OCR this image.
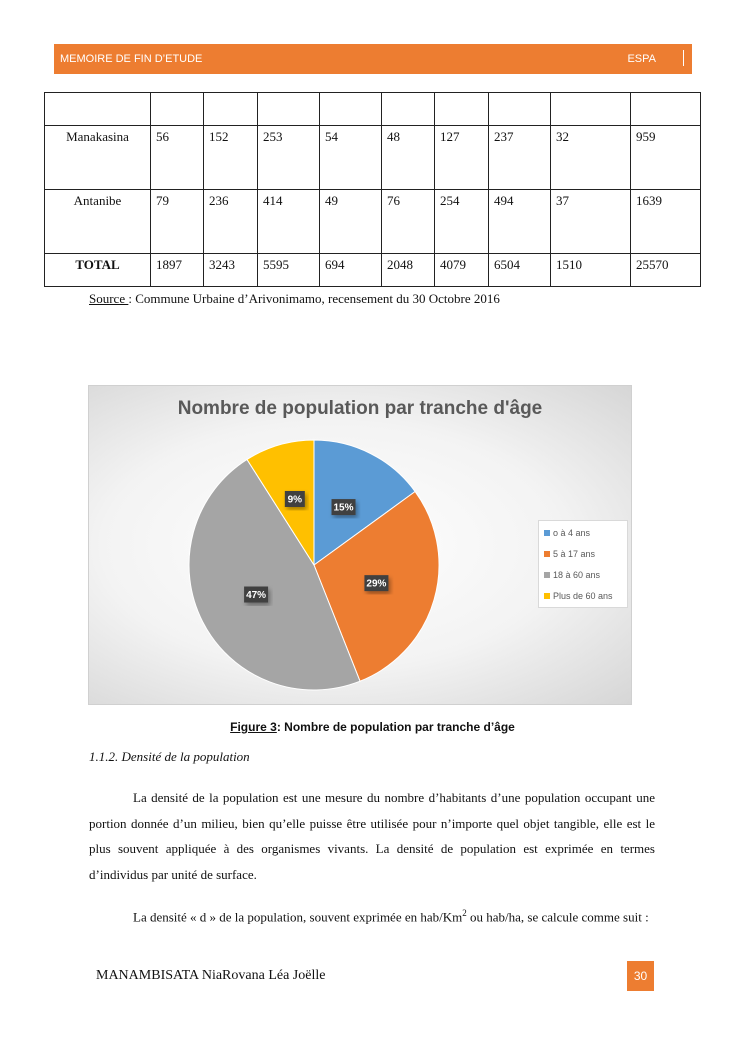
MEMOIRE DE FIN D’ETUDE	ESPA

Manakasina	56	152	253	54	48	127	237	32	959
Antanibe	79	236	414	49	76	254	494	37	1639
TOTAL	1897	3243	5595	694	2048	4079	6504	1510	25570
Source : Commune Urbaine d’Arivonimamo, recensement du 30 Octobre 2016
Nombre de population par tranche d'âge
15%
29%
47%
9%
o à 4 ans
5 à 17 ans
18 à 60 ans
Plus de 60 ans
Figure 3: Nombre de population par tranche d’âge
1.1.2. Densité de la population

La densité de la population est une mesure du nombre d’habitants d’une population occupant une portion donnée d’un milieu, bien qu’elle puisse être utilisée pour n’importe quel objet tangible, elle est le plus souvent appliquée à des organismes vivants. La densité de population est exprimée en termes d’individus par unité de surface.

La densité « d » de la population, souvent exprimée en hab/Km$^2$ ou hab/ha, se calcule comme suit :

MANAMBISATA NiaRovana Léa Joëlle	30
